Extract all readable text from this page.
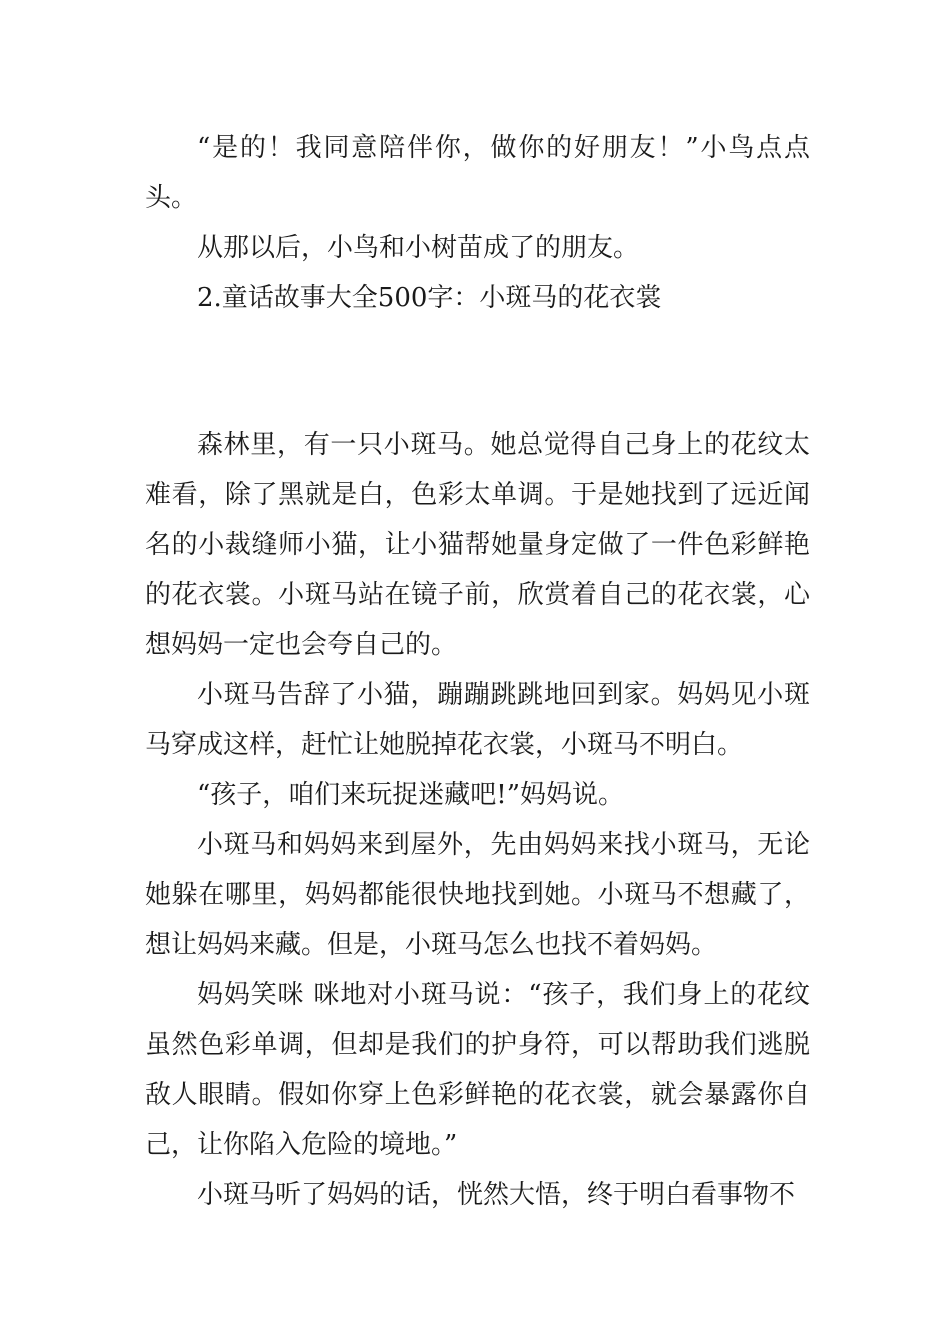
“是的！我同意陪伴你，做你的好朋友！”小鸟点点头。

从那以后，小鸟和小树苗成了的朋友。

2.童话故事大全500字：小斑马的花衣裳

森林里，有一只小斑马。她总觉得自己身上的花纹太难看，除了黑就是白，色彩太单调。于是她找到了远近闻名的小裁缝师小猫，让小猫帮她量身定做了一件色彩鲜艳的花衣裳。小斑马站在镜子前，欣赏着自己的花衣裳，心想妈妈一定也会夸自己的。

小斑马告辞了小猫，蹦蹦跳跳地回到家。妈妈见小斑马穿成这样，赶忙让她脱掉花衣裳，小斑马不明白。

“孩子，咱们来玩捉迷藏吧!”妈妈说。

小斑马和妈妈来到屋外，先由妈妈来找小斑马，无论她躲在哪里，妈妈都能很快地找到她。小斑马不想藏了，想让妈妈来藏。但是，小斑马怎么也找不着妈妈。

妈妈笑咪 咪地对小斑马说：“孩子，我们身上的花纹虽然色彩单调，但却是我们的护身符，可以帮助我们逃脱敌人眼睛。假如你穿上色彩鲜艳的花衣裳，就会暴露你自己，让你陷入危险的境地。”

小斑马听了妈妈的话，恍然大悟，终于明白看事物不
